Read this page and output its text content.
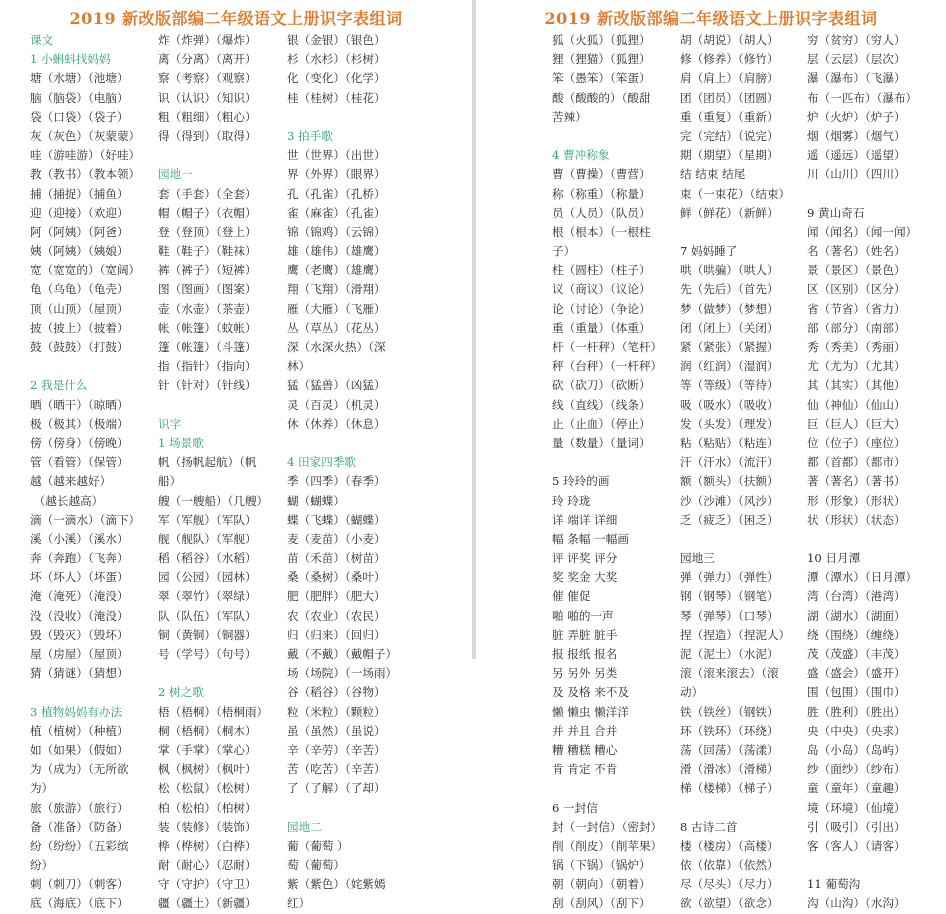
2019 新改版部编二年级语文上册识字表组词
课文
1 小蝌蚪找妈妈
塘（水塘）（池塘）
脑（脑袋）（电脑）
袋（口袋）（袋子）
灰（灰色）（灰蒙蒙）
哇（游哇游）（好哇）
教（教书）（教本领）
捕（捕捉）（捕鱼）
迎（迎接）（欢迎）
阿（阿姨）（阿爸）
姨（阿姨）（姨娘）
宽（宽宽的）（宽阔）
龟（乌龟）（龟壳）
顶（山顶）（屋顶）
披（披上）（披着）
鼓（鼓鼓）（打鼓）
2 我是什么
晒（晒干）（晾晒）
极（极其）（极端）
傍（傍身）（傍晚）
管（看管）（保管）
越（越来越好）
（越长越高）
滴（一滴水）（滴下）
溪（小溪）（溪水）
奔（奔跑）（飞奔）
坏（坏人）（坏蛋）
淹（淹死）（淹没）
没（没收）（淹没）
毁（毁灭）（毁坏）
屋（房屋）（屋顶）
猜（猜谜）（猜想）
3 植物妈妈有办法
植（植树）（种植）
如（如果）（假如）
为（成为）（无所欲
为）
旅（旅游）（旅行）
备（准备）（防备）
纷（纷纷）（五彩缤
纷）
刺（刺刀）（刺客）
底（海底）（底下）
炸（炸弹）（爆炸）
离（分离）（离开）
察（考察）（观察）
识（认识）（知识）
粗（粗细）（粗心）
得（得到）（取得）
园地一
套（手套）（全套）
帽（帽子）（衣帽）
登（登顶）（登上）
鞋（鞋子）（鞋袜）
裤（裤子）（短裤）
图（图画）（图案）
壶（水壶）（茶壶）
帐（帐篷）（蚊帐）
篷（帐篷）（斗篷）
指（指针）（指向）
针（针对）（针线）
识字
1 场景歌
帆（扬帆起航）（帆
船）
艘（一艘船）（几艘）
军（军舰）（军队）
舰（舰队）（军舰）
稻（稻谷）（水稻）
园（公园）（园林）
翠（翠竹）（翠绿）
队（队伍）（军队）
铜（黄铜）（铜器）
号（学号）（句号）
2 树之歌
梧（梧桐）（梧桐雨）
桐（梧桐）（桐木）
掌（手掌）（掌心）
枫（枫树）（枫叶）
松（松鼠）（松树）
柏（松柏）（柏树）
装（装修）（装饰）
桦（桦树）（白桦）
耐（耐心）（忍耐）
守（守护）（守卫）
疆（疆土）（新疆）
银（金银）（银色）
杉（水杉）（杉树）
化（变化）（化学）
桂（桂树）（桂花）
3 拍手歌
世（世界）（出世）
界（外界）（眼界）
孔（孔雀）（孔桥）
雀（麻雀）（孔雀）
锦（锦鸡）（云锦）
雄（雄伟）（雄鹰）
鹰（老鹰）（雄鹰）
翔（飞翔）（滑翔）
雁（大雁）（飞雁）
丛（草丛）（花丛）
深（水深火热）（深
林）
猛（猛兽）（凶猛）
灵（百灵）（机灵）
休（休养）（休息）
4 田家四季歌
季（四季）（春季）
蝴（蝴蝶）
蝶（飞蝶）（蝴蝶）
麦（麦苗）（小麦）
苗（禾苗）（树苗）
桑（桑树）（桑叶）
肥（肥胖）（肥大）
农（农业）（农民）
归（归来）（回归）
戴（不戴）（戴帽子）
场（场院）（一场雨）
谷（稻谷）（谷物）
粒（米粒）（颗粒）
虽（虽然）（虽说）
辛（辛劳）（辛苦）
苦（吃苦）（辛苦）
了（了解）（了却）
园地二
葡（葡萄 ）
萄（葡萄）
紫（紫色）（姹紫嫣
红）
2019 新改版部编二年级语文上册识字表组词
狐（火狐）（狐狸）
狸（狸猫）（狐狸）
笨（愚笨）（笨蛋）
酸（酸酸的）（酸甜
苦辣）
4 曹冲称象
曹（曹操）（曹营）
称（称重）（称量）
员（人员）（队员）
根（根本）（一根柱
子）
柱（圆柱）（柱子）
议（商议）（议论）
论（讨论）（争论）
重（重量）（体重）
杆（一杆秤）（笔杆）
秤（台秤）（一杆秤）
砍（砍刀）（砍断）
线（直线）（线条）
止（止血）（停止）
量（数量）（量词）
5 玲玲的画
玲 玲珑
详 端详 详细
幅 条幅 一幅画
评 评奖 评分
奖 奖金 大奖
催 催促
啪 啪的一声
脏 弄脏 脏手
报 报纸 报名
另 另外 另类
及 及格 来不及
懒 懒虫 懒洋洋
并 并且 合并
糟 糟糕 糟心
肯 肯定 不肯
6 一封信
封（一封信）（密封）
削（削皮）（削苹果）
锅（下锅）（锅炉）
朝（朝向）（朝着）
刮（刮风）（刮下）
胡（胡说）（胡人）
修（修养）（修竹）
肩（肩上）（肩膀）
团（团员）（团圆）
重（重复）（重新）
完（完结）（说完）
期（期望）（星期）
结 结束 结尾
束（一束花）（结束）
鲜（鲜花）（新鲜）
7 妈妈睡了
哄（哄骗）（哄人）
先（先后）（首先）
梦（做梦）（梦想）
闭（闭上）（关闭）
紧（紧张）（紧握）
润（红润）（湿润）
等（等级）（等待）
吸（吸水）（吸收）
发（头发）（理发）
粘（粘贴）（粘连）
汗（汗水）（流汗）
额（额头）（扶额）
沙（沙滩）（风沙）
乏（疲乏）（困乏）
园地三
弹（弹力）（弹性）
钢（钢琴）（钢笔）
琴（弹琴）（口琴）
捏（捏造）（捏泥人）
泥（泥土）（水泥）
滚（滚来滚去）（滚
动）
铁（铁丝）（钢铁）
环（铁环）（环绕）
荡（回荡）（荡漾）
滑（滑冰）（滑梯）
梯（楼梯）（梯子）
8 古诗二首
楼（楼房）（高楼）
依（依靠）（依然）
尽（尽头）（尽力）
欲（欲望）（欲念）
穷（贫穷）（穷人）
层（云层）（层次）
瀑（瀑布）（飞瀑）
布（一匹布）（瀑布）
炉（火炉）（炉子）
烟（烟雾）（烟气）
遥（遥远）（遥望）
川（山川）（四川）
9 黄山奇石
闻（闻名）（闻一闻）
名（著名）（姓名）
景（景区）（景色）
区（区别）（区分）
省（节省）（省力）
部（部分）（南部）
秀（秀美）（秀丽）
尤（尤为）（尤其）
其（其实）（其他）
仙（神仙）（仙山）
巨（巨人）（巨大）
位（位子）（座位）
都（首都）（都市）
著（著名）（著书）
形（形象）（形状）
状（形状）（状态）
10 日月潭
潭（潭水）（日月潭）
湾（台湾）（港湾）
湖（湖水）（湖面）
绕（围绕）（缠绕）
茂（茂盛）（丰茂）
盛（盛会）（盛开）
围（包围）（围巾）
胜（胜利）（胜出）
央（中央）（央求）
岛（小岛）（岛屿）
纱（面纱）（纱布）
童（童年）（童趣）
境（环境）（仙境）
引（吸引）（引出）
客（客人）（请客）
11 葡萄沟
沟（山沟）（水沟）
